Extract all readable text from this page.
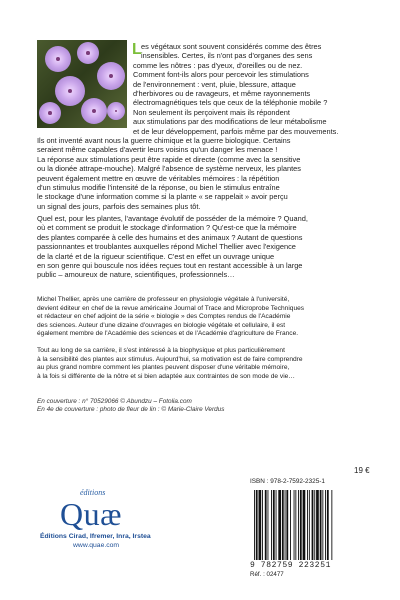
L es végétaux sont souvent considérés comme des êtres
insensibles. Certes, ils n'ont pas d'organes des sens
comme les nôtres : pas d'yeux, d'oreilles ou de nez.
Comment font-ils alors pour percevoir les stimulations
de l'environnement : vent, pluie, blessure, attaque
d'herbivores ou de ravageurs, et même rayonnements
électromagnétiques tels que ceux de la téléphonie mobile ?
Non seulement ils perçoivent mais ils répondent
aux stimulations par des modifications de leur métabolisme
et de leur développement, parfois même par des mouvements.
Ils ont inventé avant nous la guerre chimique et la guerre biologique. Certains
seraient même capables d'avertir leurs voisins qu'un danger les menace !
La réponse aux stimulations peut être rapide et directe (comme avec la sensitive
ou la dionée attrape-mouche). Malgré l'absence de système nerveux, les plantes
peuvent également mettre en œuvre de véritables mémoires : la répétition
d'un stimulus modifie l'intensité de la réponse, ou bien le stimulus entraîne
le stockage d'une information comme si la plante « se rappelait » avoir perçu
un signal des jours, parfois des semaines plus tôt.
Quel est, pour les plantes, l'avantage évolutif de posséder de la mémoire ? Quand,
où et comment se produit le stockage d'information ? Qu'est-ce que la mémoire
des plantes comparée à celle des humains et des animaux ? Autant de questions
passionnantes et troublantes auxquelles répond Michel Thellier avec l'exigence
de la clarté et de la rigueur scientifique. C'est en effet un ouvrage unique
en son genre qui bouscule nos idées reçues tout en restant accessible à un large
public – amoureux de nature, scientifiques, professionnels…
Michel Thellier, après une carrière de professeur en physiologie végétale à l'université,
devient éditeur en chef de la revue américaine Journal of Trace and Microprobe Techniques
et rédacteur en chef adjoint de la série « biologie » des Comptes rendus de l'Académie
des sciences. Auteur d'une dizaine d'ouvrages en biologie végétale et cellulaire, il est
également membre de l'Académie des sciences et de l'Académie d'agriculture de France.
Tout au long de sa carrière, il s'est intéressé à la biophysique et plus particulièrement
à la sensibilité des plantes aux stimulus. Aujourd'hui, sa motivation est de faire comprendre
au plus grand nombre comment les plantes peuvent disposer d'une véritable mémoire,
à la fois si différente de la nôtre et si bien adaptée aux contraintes de son mode de vie…
En couverture : n° 70529066 © Abundzu – Fotolia.com
En 4e de couverture : photo de fleur de lin : © Marie-Claire Verdus
éditions
Quæ
Éditions Cirad, Ifremer, Inra, Irstea
www.quae.com
19 €
ISBN : 978-2-7592-2325-1
9 782759 223251
Réf. : 02477
